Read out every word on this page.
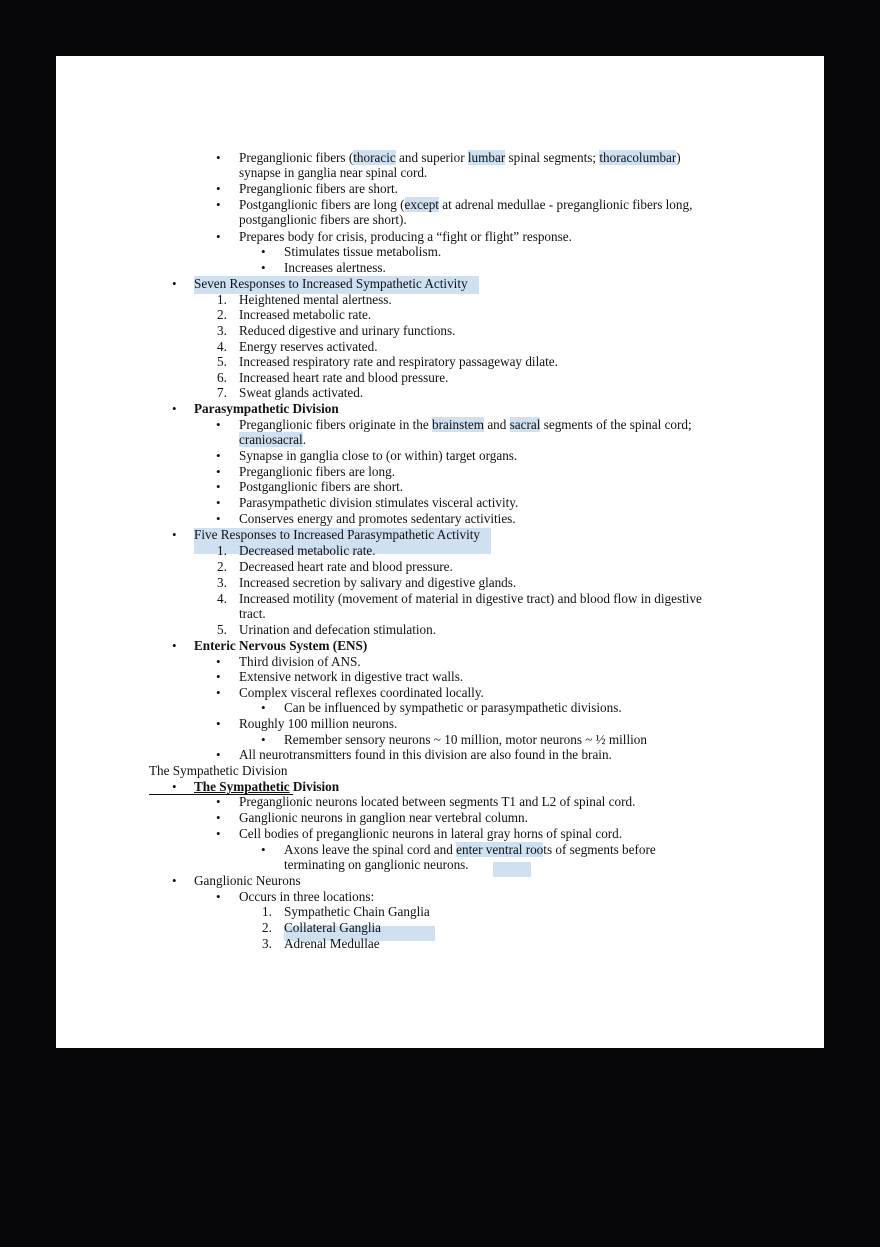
• Preganglionic fibers (thoracic and superior lumbar spinal segments; thoracolumbar)
synapse in ganglia near spinal cord.
• Preganglionic fibers are short.
• Postganglionic fibers are long (except at adrenal medullae - preganglionic fibers long,
postganglionic fibers are short).
• Prepares body for crisis, producing a “fight or flight” response.
• Stimulates tissue metabolism.
• Increases alertness.
• Seven Responses to Increased Sympathetic Activity
1. Heightened mental alertness.
2. Increased metabolic rate.
3. Reduced digestive and urinary functions.
4. Energy reserves activated.
5. Increased respiratory rate and respiratory passageway dilate.
6. Increased heart rate and blood pressure.
7. Sweat glands activated.
• Parasympathetic Division
• Preganglionic fibers originate in the brainstem and sacral segments of the spinal cord;
craniosacral.
• Synapse in ganglia close to (or within) target organs.
• Preganglionic fibers are long.
• Postganglionic fibers are short.
• Parasympathetic division stimulates visceral activity.
• Conserves energy and promotes sedentary activities.
• Five Responses to Increased Parasympathetic Activity
1. Decreased metabolic rate.
2. Decreased heart rate and blood pressure.
3. Increased secretion by salivary and digestive glands.
4. Increased motility (movement of material in digestive tract) and blood flow in digestive
tract.
5. Urination and defecation stimulation.
• Enteric Nervous System (ENS)
• Third division of ANS.
• Extensive network in digestive tract walls.
• Complex visceral reflexes coordinated locally.
• Can be influenced by sympathetic or parasympathetic divisions.
• Roughly 100 million neurons.
• Remember sensory neurons ~ 10 million, motor neurons ~ ½ million
• All neurotransmitters found in this division are also found in the brain.
The Sympathetic Division
• The Sympathetic Division
• Preganglionic neurons located between segments T1 and L2 of spinal cord.
• Ganglionic neurons in ganglion near vertebral column.
• Cell bodies of preganglionic neurons in lateral gray horns of spinal cord.
• Axons leave the spinal cord and enter ventral roots of segments before
terminating on ganglionic neurons.
• Ganglionic Neurons
• Occurs in three locations:
1. Sympathetic Chain Ganglia
2. Collateral Ganglia
3. Adrenal Medullae
